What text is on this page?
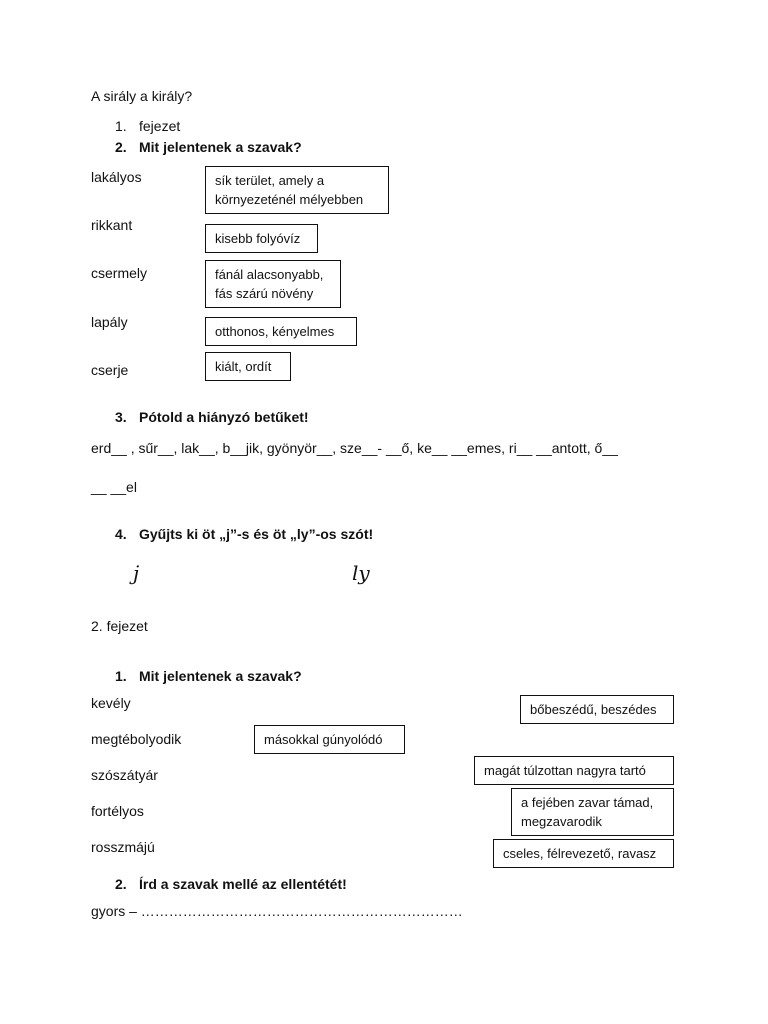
A sirály a király?
1. fejezet
2. Mit jelentenek a szavak?
lakályos
rikkant
csermely
lapály
cserje
sík terület, amely a környezeténél mélyebben
kisebb folyóvíz
fánál alacsonyabb, fás szárú növény
otthonos, kényelmes
kiált, ordít
3. Pótold a hiányzó betűket!
erd__ , sűr__, lak__, b__jik, gyönyör__, sze__- __ő, ke__ __emes, ri__ __antott, ő__
__ __el
4. Gyűjts ki öt „j”-s és öt „ly”-os szót!
j	ly
2. fejezet
1. Mit jelentenek a szavak?
kevély
megtébolyodik
szószátyár
fortélyos
rosszmájú
bőbeszédű, beszédes
másokkal gúnyolódó
magát túlzottan nagyra tartó
a fejében zavar támad, megzavarodik
cseles, félrevezető, ravasz
2. Írd a szavak mellé az ellentétét!
gyors – ……………………………………………………………
